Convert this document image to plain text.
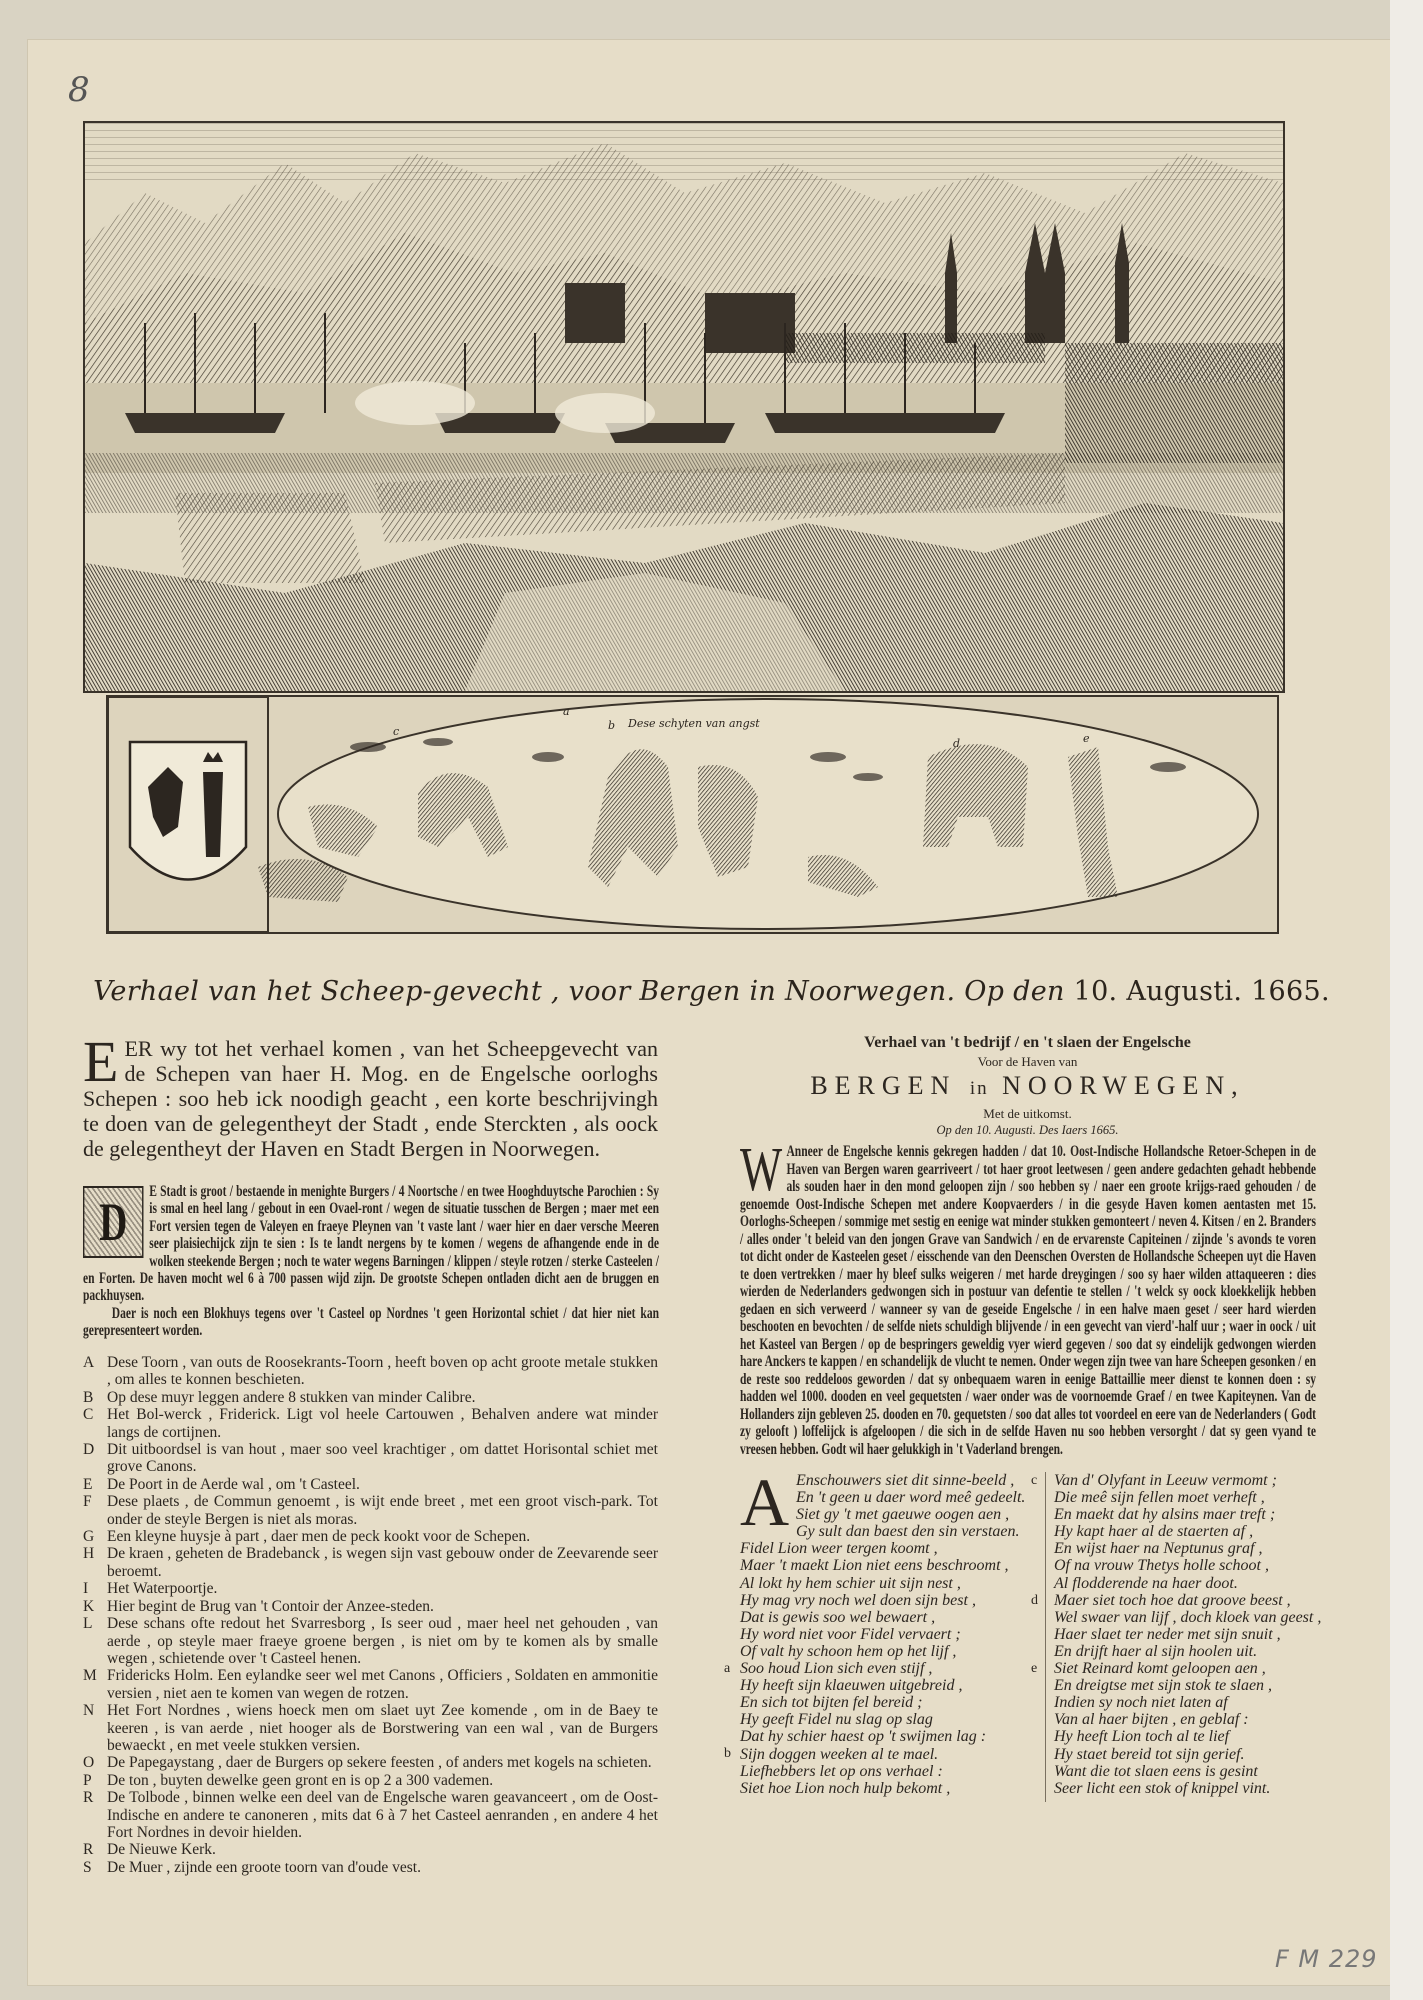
8
F M 229
Dese schyten van angst
a
b
c
d	e
Verhael van het Scheep-gevecht , voor Bergen in Noorwegen. Op den 10. Augusti. 1665.

EER wy tot het verhael komen , van het Scheepgevecht van de Schepen van haer H. Mog. en de Engelsche oorloghs Schepen : soo heb ick noodigh geacht , een korte beschrijvingh te doen van de gelegentheyt der Stadt , ende Sterckten , als oock de gelegentheyt der Haven en Stadt Bergen in Noorwegen.

D
E Stadt is groot / bestaende in menighte Burgers / 4 Noortsche / en twee Hooghduytsche Parochien : Sy is smal en heel lang / gebout in een Ovael-ront / wegen de situatie tusschen de Bergen ; maer met een Fort versien tegen de Valeyen en fraeye Pleynen van 't vaste lant / waer hier en daer versche Meeren seer plaisiechijck zijn te sien : Is te landt nergens by te komen / wegens de afhangende ende in de wolken steekende Bergen ; noch te water wegens Barningen / klippen / steyle rotzen / sterke Casteelen / en Forten. De haven mocht wel 6 à 700 passen wijd zijn. De grootste Schepen ontladen dicht aen de bruggen en packhuysen.
Daer is noch een Blokhuys tegens over 't Casteel op Nordnes 't geen Horizontal schiet / dat hier niet kan gerepresenteert worden.
A Dese Toorn , van outs de Roosekrants-Toorn , heeft boven op acht groote metale stukken , om alles te konnen beschieten.
B Op dese muyr leggen andere 8 stukken van minder Calibre.
C Het Bol-werck , Friderick. Ligt vol heele Cartouwen , Behalven andere wat minder langs de cortijnen.
D Dit uitboordsel is van hout , maer soo veel krachtiger , om dattet Horisontal schiet met grove Canons.
E De Poort in de Aerde wal , om 't Casteel.
F Dese plaets , de Commun genoemt , is wijt ende breet , met een groot visch-park. Tot onder de steyle Bergen is niet als moras.
G Een kleyne huysje à part , daer men de peck kookt voor de Schepen.
H De kraen , geheten de Bradebanck , is wegen sijn vast gebouw onder de Zeevarende seer beroemt.
I	Het Waterpoortje.
K Hier begint de Brug van 't Contoir der Anzee-steden.
L Dese schans ofte redout het Svarresborg , Is seer oud , maer heel net gehouden , van aerde , op steyle maer fraeye groene bergen , is niet om by te komen als by smalle wegen , schietende over 't Casteel henen.
M Fridericks Holm. Een eylandke seer wel met Canons , Officiers , Soldaten en ammonitie versien , niet aen te komen van wegen de rotzen.
N Het Fort Nordnes , wiens hoeck men om slaet uyt Zee komende , om in de Baey te keeren , is van aerde , niet hooger als de Borstwering van een wal , van de Burgers bewaeckt , en met veele stukken versien.
O De Papegaystang , daer de Burgers op sekere feesten , of anders met kogels na schieten.
P De ton , buyten dewelke geen gront en is op 2 a 300 vademen.
R De Tolbode , binnen welke een deel van de Engelsche waren geavanceert , om de Oost-Indische en andere te canoneren , mits dat 6 à 7 het Casteel aenranden , en andere 4 het Fort Nordnes in devoir hielden.
R De Nieuwe Kerk.
S De Muer , zijnde een groote toorn van d'oude vest.
Verhael van 't bedrijf / en 't slaen der Engelsche
Voor de Haven van
BERGEN in NOORWEGEN,
Met de uitkomst.
Op den 10. Augusti. Des Iaers 1665.
W Anneer de Engelsche kennis gekregen hadden / dat 10. Oost-Indische Hollandsche Retoer-Schepen in de Haven van Bergen waren gearriveert / tot haer groot leetwesen / geen andere gedachten gehadt hebbende als souden haer in den mond geloopen zijn / soo hebben sy / naer een groote krijgs-raed gehouden / de genoemde Oost-Indische Schepen met andere Koopvaerders / in die gesyde Haven komen aentasten met 15. Oorloghs-Scheepen / sommige met sestig en eenige wat minder stukken gemonteert / neven 4. Kitsen / en 2. Branders / alles onder 't beleid van den jongen Grave van Sandwich / en de ervarenste Capiteinen / zijnde 's avonds te voren tot dicht onder de Kasteelen geset / eisschende van den Deenschen Oversten de Hollandsche Scheepen uyt die Haven te doen vertrekken / maer hy bleef sulks weigeren / met harde dreygingen / soo sy haer wilden attaqueeren : dies wierden de Nederlanders gedwongen sich in postuur van defentie te stellen / 't welck sy oock kloekkelijk hebben gedaen en sich verweerd / wanneer sy van de geseide Engelsche / in een halve maen geset / seer hard wierden beschooten en bevochten / de selfde niets schuldigh blijvende / in een gevecht van vierd'-half uur ; waer in oock / uit het Kasteel van Bergen / op de bespringers geweldig vyer wierd gegeven / soo dat sy eindelijk gedwongen wierden hare Anckers te kappen / en schandelijk de vlucht te nemen. Onder wegen zijn twee van hare Scheepen gesonken / en de reste soo reddeloos geworden / dat sy onbequaem waren in eenige Battaillie meer dienst te konnen doen : sy hadden wel 1000. dooden en veel gequetsten / waer onder was de voornoemde Graef / en twee Kapiteynen. Van de Hollanders zijn gebleven 25. dooden en 70. gequetsten / soo dat alles tot voordeel en eere van de Nederlanders ( Godt zy gelooft ) loffelijck is afgeloopen / die sich in de selfde Haven nu soo hebben versorght / dat sy geen vyand te vreesen hebben. Godt wil haer gelukkigh in 't Vaderland brengen.
A Enschouwers siet dit sinne-beeld ,
En 't geen u daer word meê gedeelt.
Siet gy 't met gaeuwe oogen aen ,
Gy sult dan baest den sin verstaen.
Fidel Lion weer tergen koomt ,
Maer 't maekt Lion niet eens beschroomt ,
Al lokt hy hem schier uit sijn nest ,
Hy mag vry noch wel doen sijn best ,
Dat is gewis soo wel bewaert ,
Hy word niet voor Fidel vervaert ;
Of valt hy schoon hem op het lijf ,
Soo houd Lion sich even stijf ,
Hy heeft sijn klaeuwen uitgebreid ,
En sich tot bijten fel bereid ;
Hy geeft Fidel nu slag op slag
Dat hy schier haest op 't swijmen lag :
Sijn doggen weeken al te mael.
Liefhebbers let op ons verhael :
Siet hoe Lion noch hulp bekomt ,
Van d' Olyfant in Leeuw vermomt ;
Die meê sijn fellen moet verheft ,
En maekt dat hy alsins maer treft ;
Hy kapt haer al de staerten af ,
En wijst haer na Neptunus graf ,
Of na vrouw Thetys holle schoot ,
Al flodderende na haer doot.
Maer siet toch hoe dat groove beest ,
Wel swaer van lijf , doch kloek van geest ,
Haer slaet ter neder met sijn snuit ,
En drijft haer al sijn hoolen uit.
Siet Reinard komt geloopen aen ,
En dreigtse met sijn stok te slaen ,
Indien sy noch niet laten af
Van al haer bijten , en geblaf :
Hy heeft Lion toch al te lief
Hy staet bereid tot sijn gerief.
Want die tot slaen eens is gesint
Seer licht een stok of knippel vint.
a
b
c
d
e
